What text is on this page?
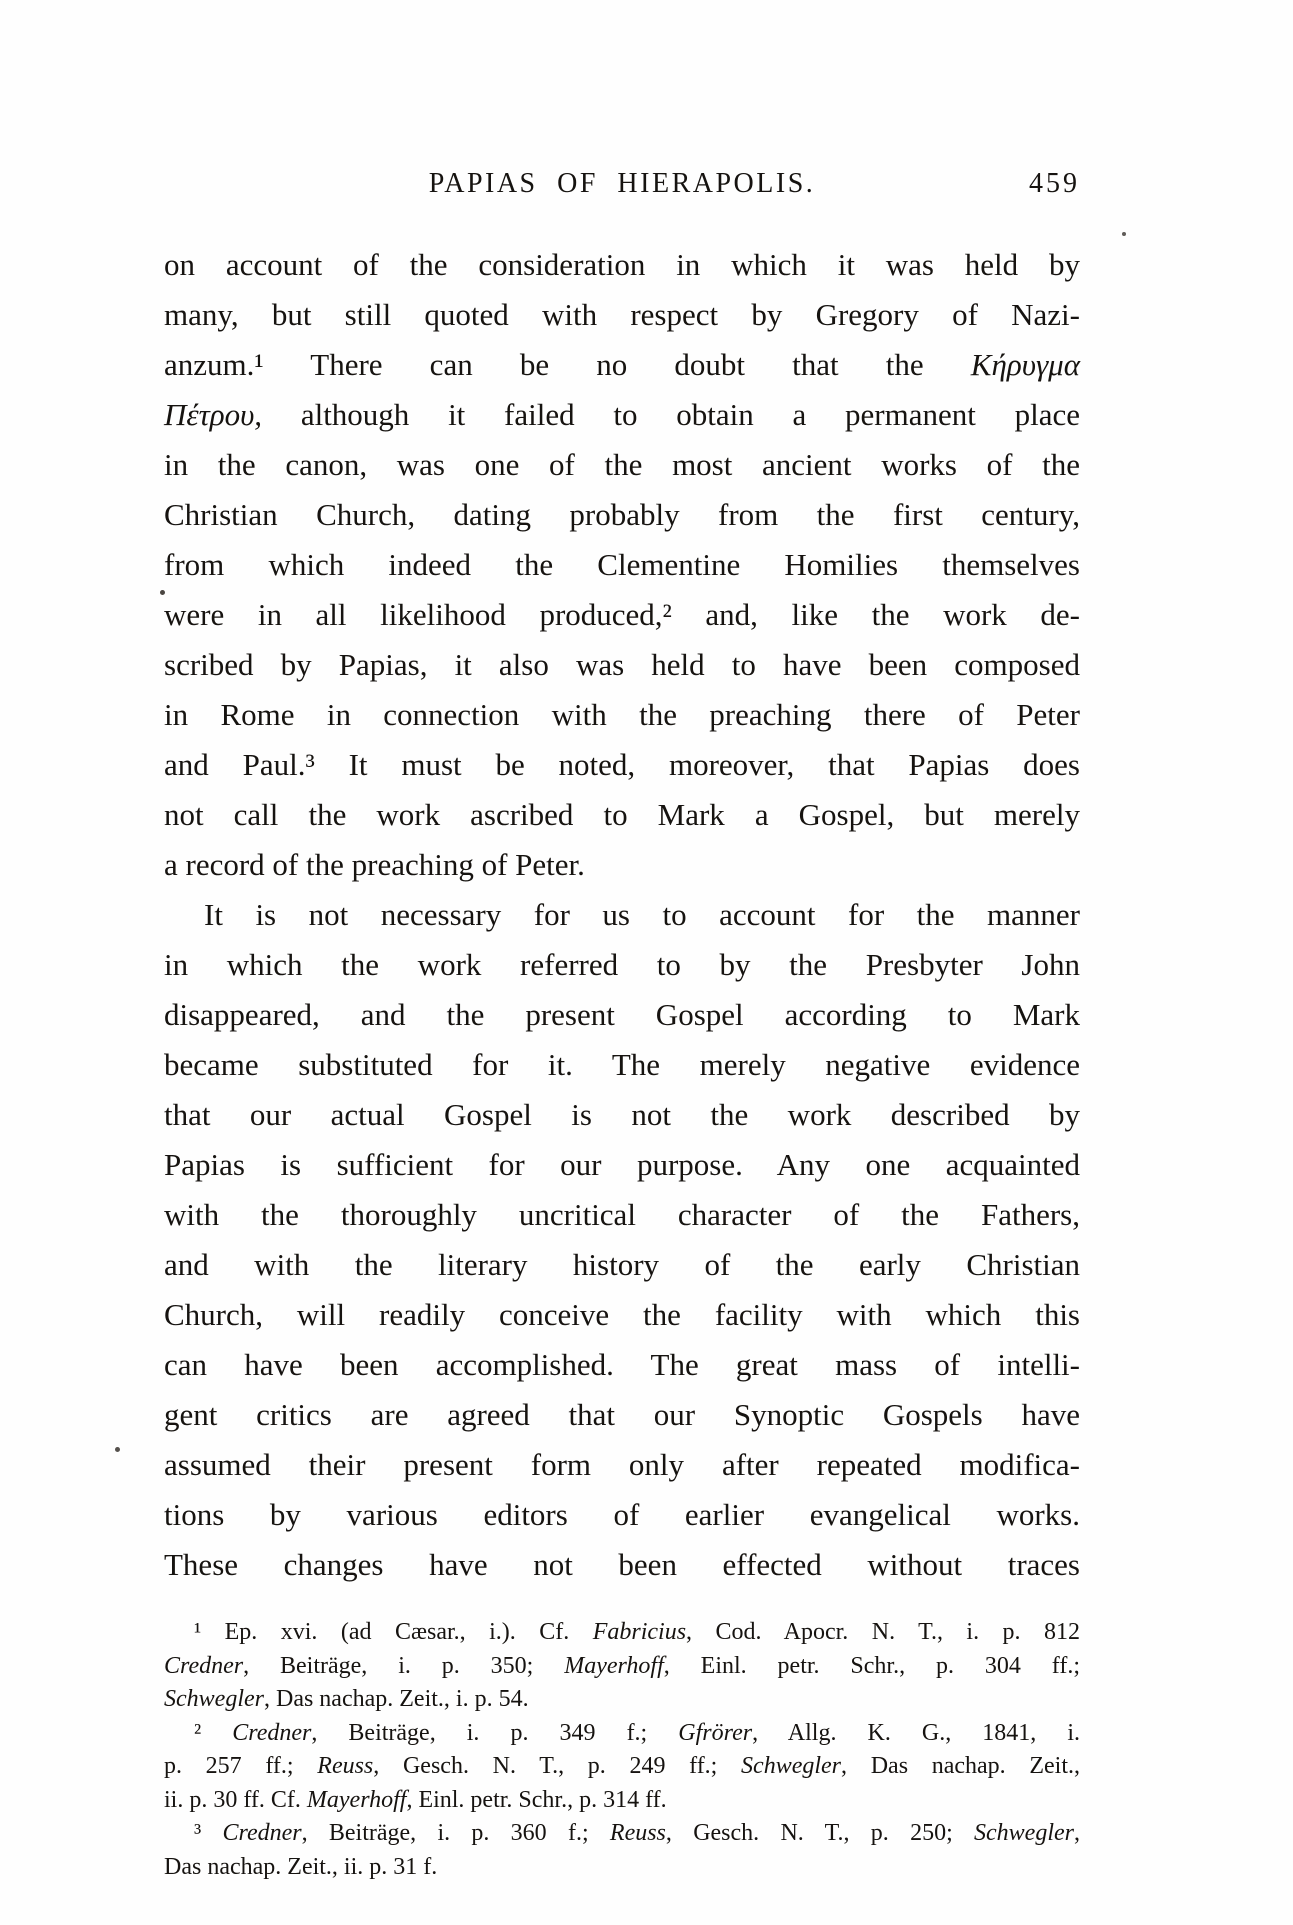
PAPIAS OF HIERAPOLIS.	459
on account of the consideration in which it was held by
many, but still quoted with respect by Gregory of Nazi-
anzum.¹ There can be no doubt that the Κήρυγμα
Πέτρου, although it failed to obtain a permanent place
in the canon, was one of the most ancient works of the
Christian Church, dating probably from the first century,
from which indeed the Clementine Homilies themselves
were in all likelihood produced,² and, like the work de-
scribed by Papias, it also was held to have been composed
in Rome in connection with the preaching there of Peter
and Paul.³ It must be noted, moreover, that Papias does
not call the work ascribed to Mark a Gospel, but merely
a record of the preaching of Peter.
It is not necessary for us to account for the manner
in which the work referred to by the Presbyter John
disappeared, and the present Gospel according to Mark
became substituted for it. The merely negative evidence
that our actual Gospel is not the work described by
Papias is sufficient for our purpose. Any one acquainted
with the thoroughly uncritical character of the Fathers,
and with the literary history of the early Christian
Church, will readily conceive the facility with which this
can have been accomplished. The great mass of intelli-
gent critics are agreed that our Synoptic Gospels have
assumed their present form only after repeated modifica-
tions by various editors of earlier evangelical works.
These changes have not been effected without traces
¹ Ep. xvi. (ad Cæsar., i.). Cf. Fabricius, Cod. Apocr. N. T., i. p. 812
Credner, Beiträge, i. p. 350; Mayerhoff, Einl. petr. Schr., p. 304 ff.;
Schwegler, Das nachap. Zeit., i. p. 54.
² Credner, Beiträge, i. p. 349 f.; Gfrörer, Allg. K. G., 1841, i.
p. 257 ff.; Reuss, Gesch. N. T., p. 249 ff.; Schwegler, Das nachap. Zeit.,
ii. p. 30 ff. Cf. Mayerhoff, Einl. petr. Schr., p. 314 ff.
³ Credner, Beiträge, i. p. 360 f.; Reuss, Gesch. N. T., p. 250; Schwegler,
Das nachap. Zeit., ii. p. 31 f.
